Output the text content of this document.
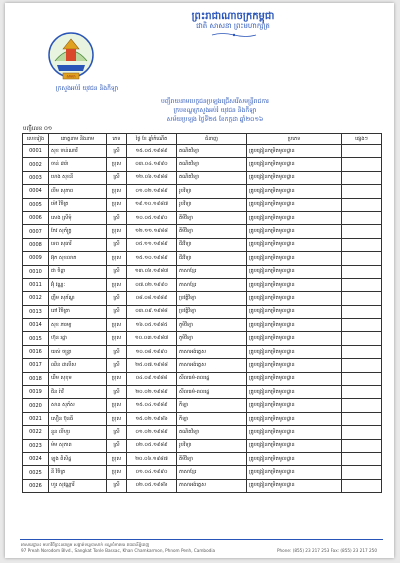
ព្រះរាជាណាចក្រកម្ពុជា
ជាតិ សាសនា ព្រះមហាក្សត្រ
សាលា
ក្រសួងអប់រំ យុវជន និងកីឡា
បញ្ជីរាយនាមបេក្ខជនប្រឡងជ្រើសរើសមន្ត្រីរាជការ
ក្របខណ្ឌក្រសួងអប់រំ យុវជន និងកីឡា
សម័យប្រឡង ថ្ងៃទី២៥ ខែកក្កដា ឆ្នាំ២០១៦
បញ្ជីលេខ ០១
លេខរៀង	គោត្តនាម និងនាម	ភេទ	ថ្ងៃ ខែ ឆ្នាំកំណើត	ជំនាញ	ប្រភេទ	ផ្សេងៗ
0001	សុខ ចាន់ណារី	ស្រី	១៥.០៥.១៩៨៩	គណិតវិទ្យា	គ្រូបង្រៀនកម្រិតមូលដ្ឋាន	
0002	ចាន់ ដារ៉ា	ប្រុស	០៣.០៤.១៩៩០	គណិតវិទ្យា	គ្រូបង្រៀនកម្រិតមូលដ្ឋាន	
0003	ហេង សុខនី	ស្រី	១២.០៦.១៩៨៨	គណិតវិទ្យា	គ្រូបង្រៀនកម្រិតមូលដ្ឋាន	
0004	លីម សុភាព	ប្រុស	០១.០២.១៩៨៩	រូបវិទ្យា	គ្រូបង្រៀនកម្រិតមូលដ្ឋាន	
0005	ម៉ៅ វិចិត្រ	ប្រុស	១៩.១០.១៩៨៧	រូបវិទ្យា	គ្រូបង្រៀនកម្រិតមូលដ្ឋាន	
0006	សេង ស្រីមុំ	ស្រី	១០.០៥.១៩៩០	គីមីវិទ្យា	គ្រូបង្រៀនកម្រិតមូលដ្ឋាន	
0007	កែវ សុភ័ក្ត្រ	ប្រុស	១២.១១.១៩៨៨	គីមីវិទ្យា	គ្រូបង្រៀនកម្រិតមូលដ្ឋាន	
0008	ទេព សុធារី	ស្រី	០៥.១១.១៩៨៩	ជីវវិទ្យា	គ្រូបង្រៀនកម្រិតមូលដ្ឋាន	
0009	អ៊ុក សុខលាភ	ប្រុស	១៥.១០.១៩៨៩	ជីវវិទ្យា	គ្រូបង្រៀនកម្រិតមូលដ្ឋាន	
0010	ជា ចិន្ដា	ស្រី	១៣.០៦.១៩៨៧	ភាសាខ្មែរ	គ្រូបង្រៀនកម្រិតមូលដ្ឋាន	
0011	អ៊ុំ វណ្ណៈ	ប្រុស	០៧.០២.១៩៩០	ភាសាខ្មែរ	គ្រូបង្រៀនកម្រិតមូលដ្ឋាន	
0012	ញឹម សុភ័ណ្ឌ	ស្រី	០៨.០៨.១៩៨៩	ប្រវត្តិវិទ្យា	គ្រូបង្រៀនកម្រិតមូលដ្ឋាន	
0013	ពៅ វិចិត្រា	ស្រី	០៣.០៩.១៩៨៨	ប្រវត្តិវិទ្យា	គ្រូបង្រៀនកម្រិតមូលដ្ឋាន	
0014	សុខ ភារម្យ	ប្រុស	១៦.០៥.១៩៨៥	ភូមិវិទ្យា	គ្រូបង្រៀនកម្រិតមូលដ្ឋាន	
0015	ហ៊ុន រដ្ឋា	ប្រុស	១០.០៣.១៩៨៧	ភូមិវិទ្យា	គ្រូបង្រៀនកម្រិតមូលដ្ឋាន	
0016	យស់ ចន្ទ្រា	ស្រី	១០.០៨.១៩៩០	ភាសាអង់គ្លេស	គ្រូបង្រៀនកម្រិតមូលដ្ឋាន	
0017	ឈិន ដាលីស	ស្រី	២៥.០៧.១៩៨៨	ភាសាអង់គ្លេស	គ្រូបង្រៀនកម្រិតមូលដ្ឋាន	
0018	ឃឹម សុខុម	ប្រុស	០៤.០៩.១៩៨៨	សីលធម៌-ពលរដ្ឋ	គ្រូបង្រៀនកម្រិតមូលដ្ឋាន	
0019	ជិន រ៉ាវី	ស្រី	២០.០២.១៩៨៩	សីលធម៌-ពលរដ្ឋ	គ្រូបង្រៀនកម្រិតមូលដ្ឋាន	
0020	សាន សុភ័ស	ប្រុស	១៥.០៤.១៩៨៩	កីឡា	គ្រូបង្រៀនកម្រិតមូលដ្ឋាន	
0021	សឿន ប៊ុនធី	ប្រុស	១៥.០២.១៩៨៦	កីឡា	គ្រូបង្រៀនកម្រិតមូលដ្ឋាន	
0022	នួន លីហួរ	ស្រី	០១.០២.១៩៨៩	គណិតវិទ្យា	គ្រូបង្រៀនកម្រិតមូលដ្ឋាន	
0023	ម៉ម សុភាព	ស្រី	០២.០៥.១៩៨៩	រូបវិទ្យា	គ្រូបង្រៀនកម្រិតមូលដ្ឋាន	
0024	ឡុង ពិសិដ្ឋ	ប្រុស	២០.០៦.១៩៨៧	គីមីវិទ្យា	គ្រូបង្រៀនកម្រិតមូលដ្ឋាន	
0025	នី វិចិត្រ	ប្រុស	០១.០៤.១៩៩០	ភាសាខ្មែរ	គ្រូបង្រៀនកម្រិតមូលដ្ឋាន	
0026	ហួរ សុវណ្ណារី	ស្រី	០២.០៥.១៩៨៦	ភាសាអង់គ្លេស	គ្រូបង្រៀនកម្រិតមូលដ្ឋាន	
អាសយដ្ឋាន៖ មហាវិថីព្រះនរោត្តម សង្កាត់ទន្លេបាសាក់ ខណ្ឌចំការមន រាជធានីភ្នំពេញ
97 Preah Norodom Blvd., Sangkat Tonle Bassac, Khan Chamkarmon, Phnom Penh, Cambodia	Phone: (855) 23 217 253 Fax: (855) 23 217 250
